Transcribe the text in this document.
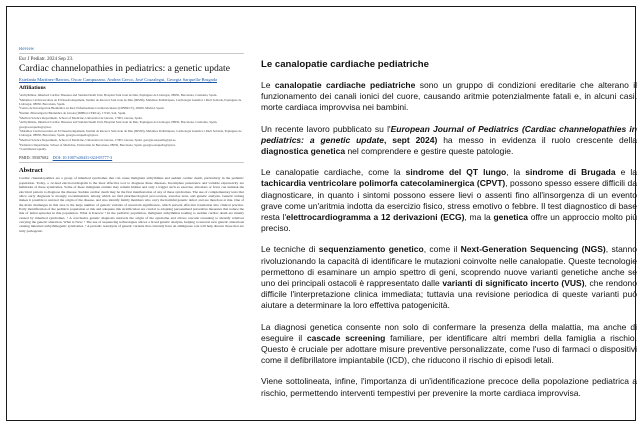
Review
Eur J Pediatr. 2024 Sep 23.
Cardiac channelopathies in pediatrics: a genetic update
Estefanía Martínez-Barrios, Oscar Campuzano, Andrea Greco, José Cruzalegui, Georgia Sarquella-Brugada
Affiliations
¹Arrhythmias, Inherited Cardiac Diseases and Sudden Death Unit, Hospital Sant Joan de Déu, Esplugues de Llobregat, 08950, Barcelona, Catalonia, Spain.
²Malalties Cardiovasculars en El Desenvolupament, Institut de Recerca Sant Joan de Déu (IRSJD), Malalties Pediàtriques, Cardiologia Genètica i Molt Sobtada, Esplugues de Llobregat, 08950, Barcelona, Spain.
³Centro de Investigación Biomédica en Red, Enfermedades Cardiovasculares (CIBERCV), 28029, Madrid, Spain.
⁴Institut d'Investigació Biomèdica de Girona (IDIBGI-CERCA), 17190, Salt, Spain.
⁵Medical Science Department, School of Medicine, Universitat de Girona, 17003, Girona, Spain.
⁶Arrhythmias, Inherited Cardiac Diseases and Sudden Death Unit, Hospital Sant Joan de Déu, Esplugues de Llobregat, 08950, Barcelona, Catalonia, Spain. georgia.sarquella@sjd.es.
⁷Malalties Cardiovasculars en El Desenvolupament, Institut de Recerca Sant Joan de Déu (IRSJD), Malalties Pediàtriques, Cardiologia Genètica i Molt Sobtada, Esplugues de Llobregat, 08950, Barcelona, Spain. georgia.sarquella@sjd.es.
⁸Medical Science Department, School of Medicine, Universitat de Girona, 17003, Girona, Spain. georgia.sarquella@sjd.es.
⁹Pediatrics Department, School of Medicine, Universitat de Barcelona, 08036, Barcelona, Spain. georgia.sarquella@sjd.es.
*Contributed equally.
PMID: 39307682 DOI: 10.1007/s00431-024-05777-3
Abstract
Cardiac channelopathies are a group of inherited syndromes that can cause malignant arrhythmias and sudden cardiac death, particularly in the pediatric population. Today, a 12-lead electrocardiogram is the most effective tool to diagnose these diseases. Incomplete penetrance and variable expressivity are hallmarks of these syndromes. Some of these malignant entities may remain hidden and only a trigger such as exercise, emotions or fever can unmask the electrical pattern to diagnose the disease. Sudden cardiac death may be the first manifestation of any of these syndromes. The use of complementary tests that allow early diagnosis is strongly recommended, among which we find pharmacological provocation, exercise tests, and genetic analysis. Genetic testing makes it possible to unravel the origin of the disease, and also identify family members who carry the harmful genetic defect and are therefore at risk. One of the main challenges in this area is the large number of genetic variants of uncertain significance, which prevent effective translation into clinical practice. Early identification of the pediatric population at risk and adequate risk stratification are crucial to adopting personalized preventive measures that reduce the risk of lethal episodes in this population. What is Known: • In the pediatric population, malignant arrhythmias leading to sudden cardiac death are mainly caused by inherited syndromes. • A conclusive genetic diagnosis unravels the origin of the syndrome and allows cascade screening to identify relatives carrying the genetic alteration. What is New: • The use of sequencing technologies allows a broad genetic analysis, helping to unravel new genetic alterations causing inherited arrhythmogenic syndromes. • A periodic reanalysis of genetic variants that currently have an ambiguous role will help discern those that are truly pathogenic.
Le canalopatie cardiache pediatriche

Le canalopatie cardiache pediatriche sono un gruppo di condizioni ereditarie che alterano il funzionamento dei canali ionici del cuore, causando aritmie potenzialmente fatali e, in alcuni casi, morte cardiaca improvvisa nei bambini.

Un recente lavoro pubblicato su l'European Journal of Pediatrics (Cardiac channelopathies in pediatrics: a genetic update, sept 2024) ha messo in evidenza il ruolo crescente della diagnostica genetica nel comprendere e gestire queste patologie.

Le canalopatie cardiache, come la sindrome del QT lungo, la sindrome di Brugada e la tachicardia ventricolare polimorfa catecolaminergica (CPVT), possono spesso essere difficili da diagnosticare, in quanto i sintomi possono essere lievi o assenti fino all'insorgenza di un evento grave come un'aritmia indotta da esercizio fisico, stress emotivo o febbre. Il test diagnostico di base resta l'elettrocardiogramma a 12 derivazioni (ECG), ma la genetica offre un approccio molto più preciso.

Le tecniche di sequenziamento genetico, come il Next-Generation Sequencing (NGS), stanno rivoluzionando la capacità di identificare le mutazioni coinvolte nelle canalopatie. Queste tecnologie permettono di esaminare un ampio spettro di geni, scoprendo nuove varianti genetiche anche se uno dei principali ostacoli è rappresentato dalle varianti di significato incerto (VUS), che rendono difficile l'interpretazione clinica immediata; tuttavia una revisione periodica di queste varianti può aiutare a determinare la loro effettiva patogenicità.

La diagnosi genetica consente non solo di confermare la presenza della malattia, ma anche di eseguire il cascade screening familiare, per identificare altri membri della famiglia a rischio. Questo è cruciale per adottare misure preventive personalizzate, come l'uso di farmaci o dispositivi come il defibrillatore impiantabile (ICD), che riducono il rischio di episodi letali.

Viene sottolineata, infine, l'importanza di un'identificazione precoce della popolazione pediatrica a rischio, permettendo interventi tempestivi per prevenire la morte cardiaca improvvisa.
